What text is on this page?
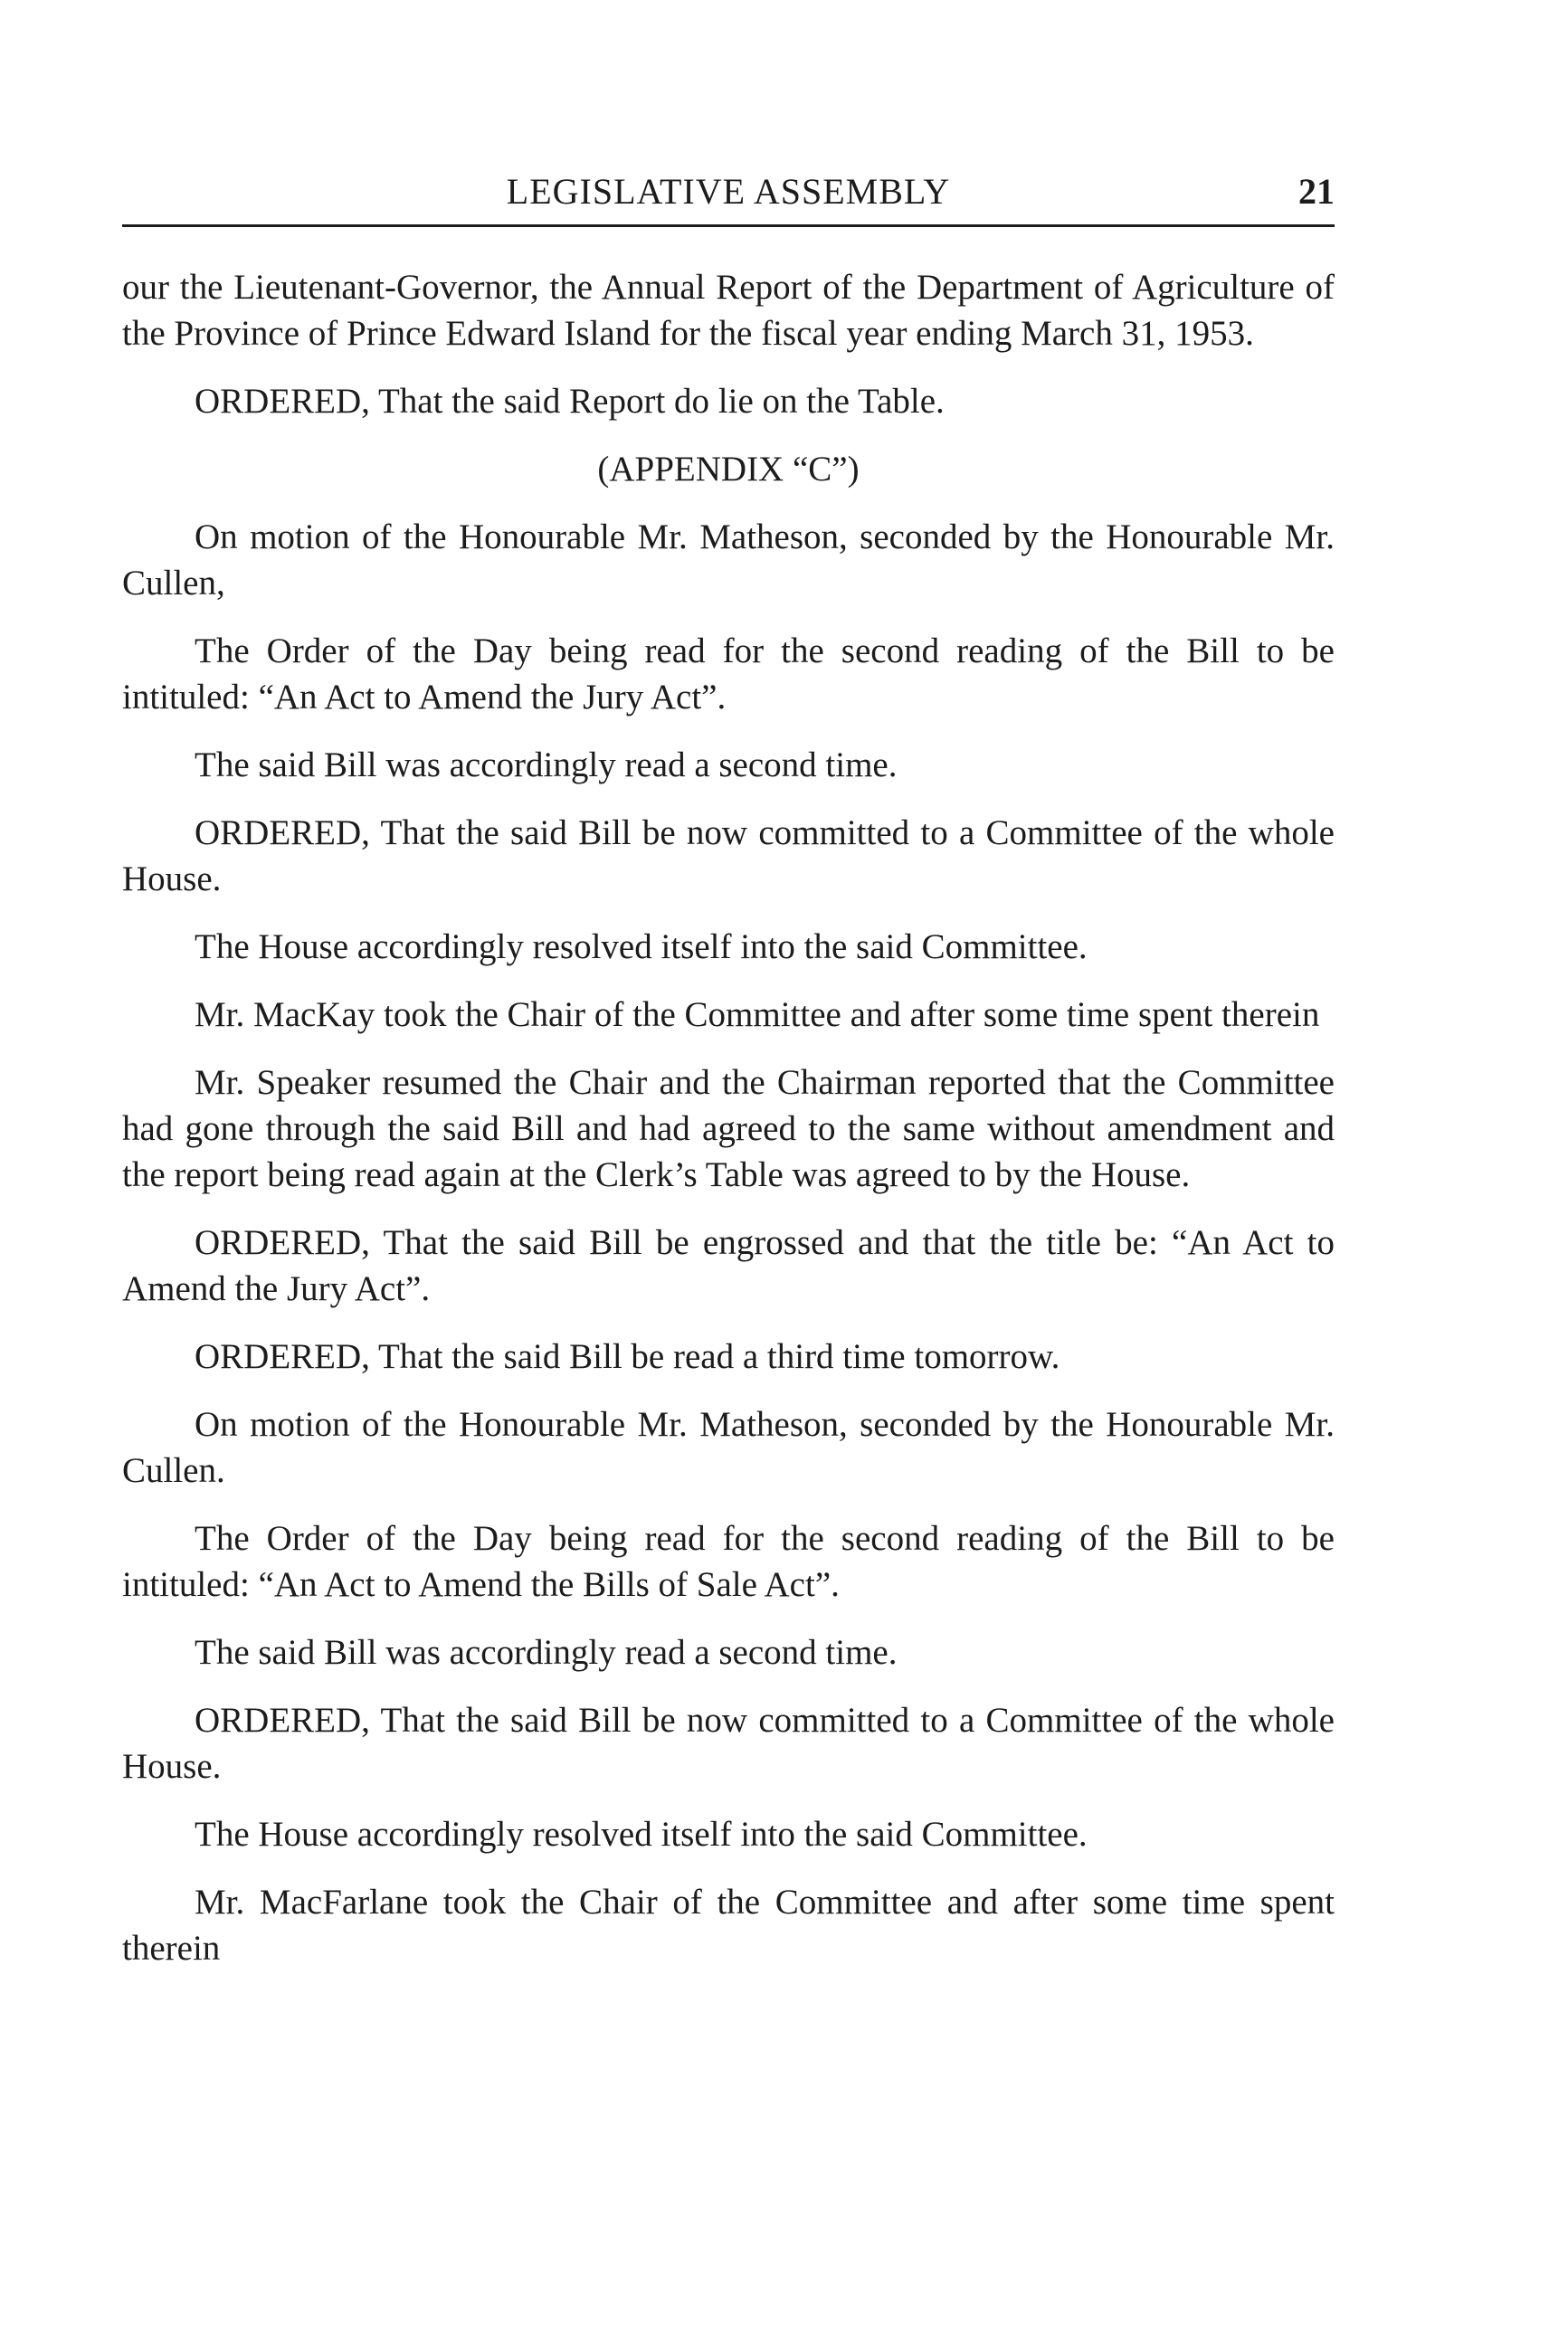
LEGISLATIVE ASSEMBLY	21

our the Lieutenant-Governor, the Annual Report of the Department of Agriculture of the Province of Prince Edward Island for the fiscal year ending March 31, 1953.

ORDERED, That the said Report do lie on the Table.

(APPENDIX “C”)

On motion of the Honourable Mr. Matheson, seconded by the Honourable Mr. Cullen,

The Order of the Day being read for the second reading of the Bill to be intituled: “An Act to Amend the Jury Act”.

The said Bill was accordingly read a second time.

ORDERED, That the said Bill be now committed to a Committee of the whole House.

The House accordingly resolved itself into the said Committee.

Mr. MacKay took the Chair of the Committee and after some time spent therein

Mr. Speaker resumed the Chair and the Chairman reported that the Committee had gone through the said Bill and had agreed to the same without amendment and the report being read again at the Clerk’s Table was agreed to by the House.

ORDERED, That the said Bill be engrossed and that the title be: “An Act to Amend the Jury Act”.

ORDERED, That the said Bill be read a third time tomorrow.

On motion of the Honourable Mr. Matheson, seconded by the Honourable Mr. Cullen.

The Order of the Day being read for the second reading of the Bill to be intituled: “An Act to Amend the Bills of Sale Act”.

The said Bill was accordingly read a second time.

ORDERED, That the said Bill be now committed to a Committee of the whole House.

The House accordingly resolved itself into the said Committee.

Mr. MacFarlane took the Chair of the Committee and after some time spent therein
